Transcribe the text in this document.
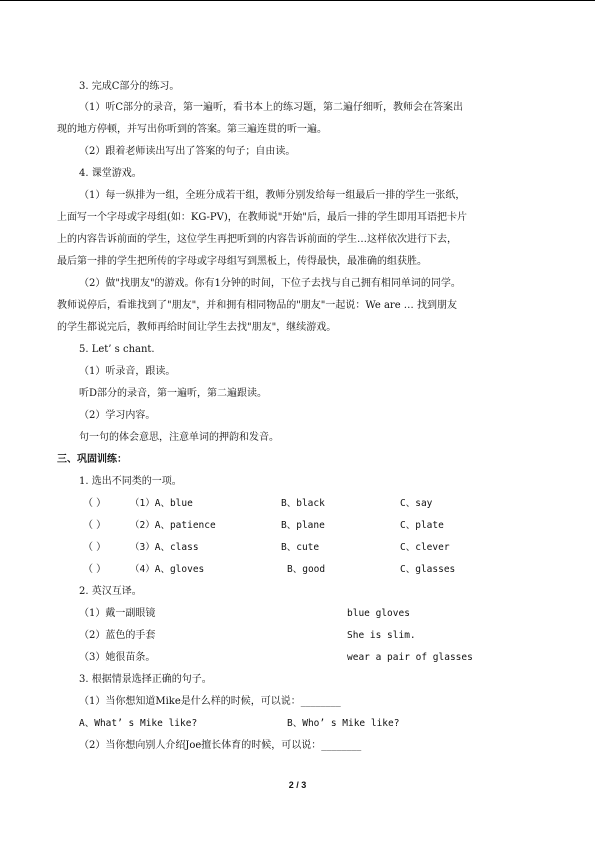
3. 完成C部分的练习。
（1）听C部分的录音，第一遍听，看书本上的练习题，第二遍仔细听，教师会在答案出
现的地方停顿，并写出你听到的答案。第三遍连贯的听一遍。
（2）跟着老师读出写出了答案的句子；自由读。
4. 课堂游戏。
（1）每一纵排为一组，全班分成若干组，教师分别发给每一组最后一排的学生一张纸，
上面写一个字母或字母组(如：KG-PV)，在教师说"开始"后，最后一排的学生即用耳语把卡片
上的内容告诉前面的学生，这位学生再把听到的内容告诉前面的学生…这样依次进行下去，
最后第一排的学生把所传的字母或字母组写到黑板上，传得最快，最准确的组获胜。
（2）做"找朋友"的游戏。你有1分钟的时间，下位子去找与自己拥有相同单词的同学。
教师说停后，看谁找到了"朋友"，并和拥有相同物品的"朋友"一起说：We are … 找到朋友
的学生都说完后，教师再给时间让学生去找"朋友"，继续游戏。
5. Let’ s chant.
（1）听录音，跟读。
听D部分的录音，第一遍听，第二遍跟读。
（2）学习内容。
句一句的体会意思，注意单词的押韵和发音。
三、巩固训练：
1. 选出不同类的一项。
（ ）	（1）A、blue	B、black	C、say
（ ）	（2）A、patience	B、plane	C、plate
（ ）	（3）A、class	B、cute	C、clever
（ ）	（4）A、gloves	B、good	C、glasses
2. 英汉互译。
（1）戴一副眼镜	blue gloves
（2）蓝色的手套	She is slim.
（3）她很苗条。	wear a pair of glasses
3. 根据情景选择正确的句子。
（1）当你想知道Mike是什么样的时候，可以说：________
A、What’ s Mike like?	B、Who’ s Mike like?
（2）当你想向别人介绍Joe擅长体育的时候，可以说：________
2 / 3
